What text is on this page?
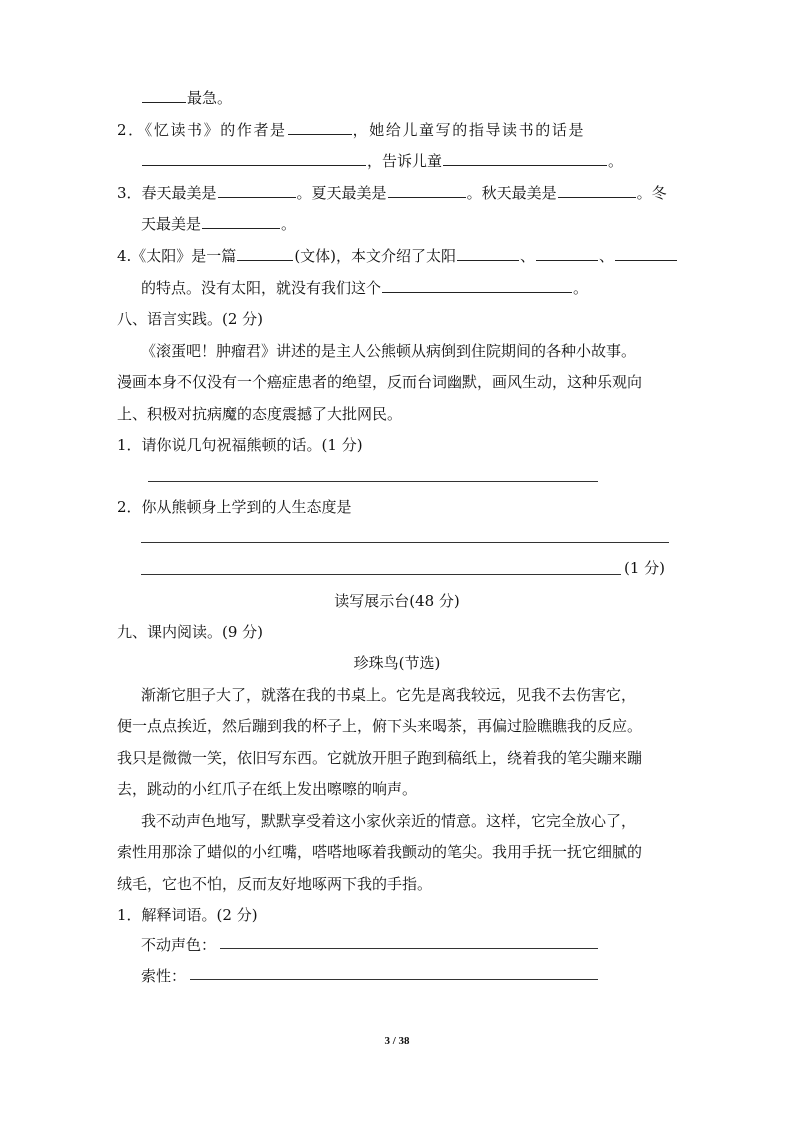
最急。
2．《忆读书》的作者是	，她给儿童写的指导读书的话是
，告诉儿童	。
3．春天最美是	。夏天最美是	。秋天最美是	。冬
天最美是	。
4.《太阳》是一篇	(文体)，本文介绍了太阳	、	、
的特点。没有太阳，就没有我们这个	。
八、语言实践。(2 分)
《滚蛋吧！肿瘤君》讲述的是主人公熊顿从病倒到住院期间的各种小故事。
漫画本身不仅没有一个癌症患者的绝望，反而台词幽默，画风生动，这种乐观向
上、积极对抗病魔的态度震撼了大批网民。
1．请你说几句祝福熊顿的话。(1 分)
2．你从熊顿身上学到的人生态度是
(1 分)
读写展示台(48 分)
九、课内阅读。(9 分)
珍珠鸟(节选)
渐渐它胆子大了，就落在我的书桌上。它先是离我较远，见我不去伤害它，
便一点点挨近，然后蹦到我的杯子上，俯下头来喝茶，再偏过脸瞧瞧我的反应。
我只是微微一笑，依旧写东西。它就放开胆子跑到稿纸上，绕着我的笔尖蹦来蹦
去，跳动的小红爪子在纸上发出嚓嚓的响声。
我不动声色地写，默默享受着这小家伙亲近的情意。这样，它完全放心了，
索性用那涂了蜡似的小红嘴，嗒嗒地啄着我颤动的笔尖。我用手抚一抚它细腻的
绒毛，它也不怕，反而友好地啄两下我的手指。
1．解释词语。(2 分)
不动声色：
索性：
3 / 38
